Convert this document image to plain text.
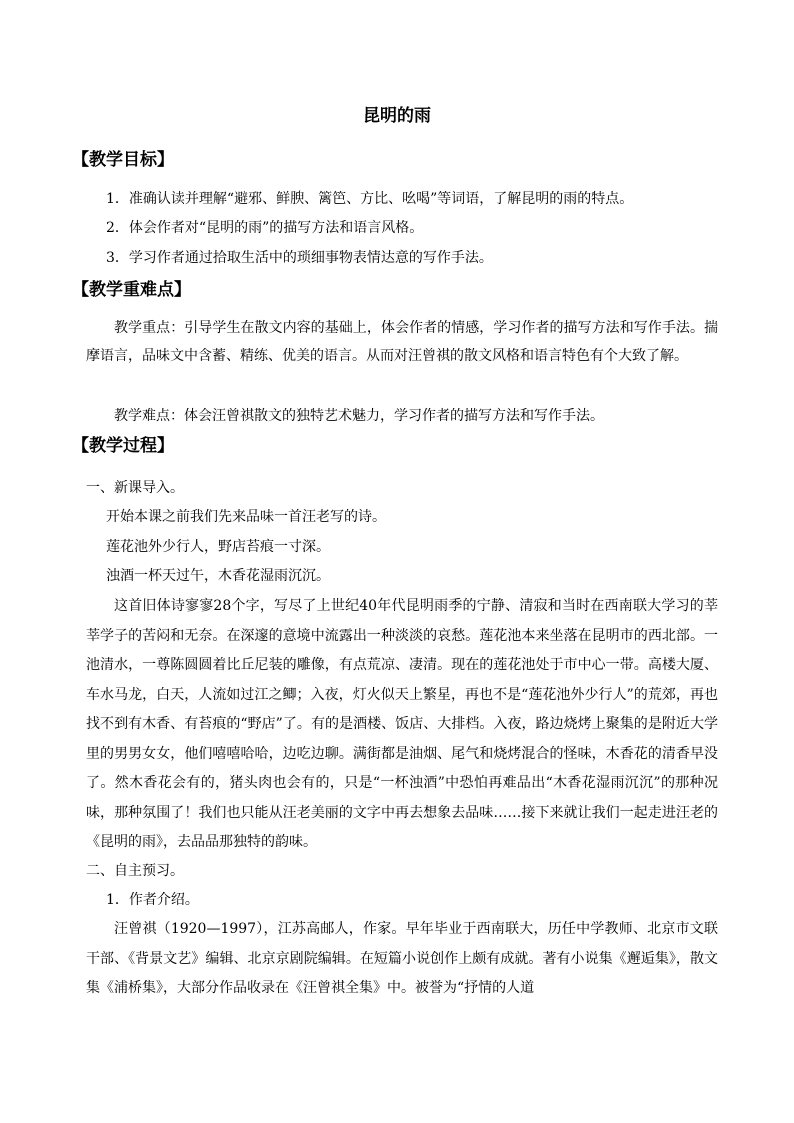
昆明的雨
【教学目标】
1．准确认读并理解“避邪、鲜腴、篱笆、方比、吆喝”等词语，了解昆明的雨的特点。
2．体会作者对“昆明的雨”的描写方法和语言风格。
3．学习作者通过拾取生活中的琐细事物表情达意的写作手法。
【教学重难点】
教学重点：引导学生在散文内容的基础上，体会作者的情感，学习作者的描写方法和写作手法。揣摩语言，品味文中含蓄、精练、优美的语言。从而对汪曾祺的散文风格和语言特色有个大致了解。
教学难点：体会汪曾祺散文的独特艺术魅力，学习作者的描写方法和写作手法。
【教学过程】
一、新课导入。
开始本课之前我们先来品味一首汪老写的诗。
莲花池外少行人，野店苔痕一寸深。
浊酒一杯天过午，木香花湿雨沉沉。
这首旧体诗寥寥28个字，写尽了上世纪40年代昆明雨季的宁静、清寂和当时在西南联大学习的莘莘学子的苦闷和无奈。在深邃的意境中流露出一种淡淡的哀愁。莲花池本来坐落在昆明市的西北部。一池清水，一尊陈圆圆着比丘尼装的雕像，有点荒凉、凄清。现在的莲花池处于市中心一带。高楼大厦、车水马龙，白天，人流如过江之鲫；入夜，灯火似天上繁星，再也不是“莲花池外少行人”的荒郊，再也找不到有木香、有苔痕的“野店”了。有的是酒楼、饭店、大排档。入夜，路边烧烤上聚集的是附近大学里的男男女女，他们嘻嘻哈哈，边吃边聊。满街都是油烟、尾气和烧烤混合的怪味，木香花的清香早没了。然木香花会有的，猪头肉也会有的，只是“一杯浊酒”中恐怕再难品出“木香花湿雨沉沉”的那种况味，那种氛围了！我们也只能从汪老美丽的文字中再去想象去品味……接下来就让我们一起走进汪老的《昆明的雨》，去品品那独特的韵味。
二、自主预习。
1．作者介绍。
汪曾祺（1920—1997），江苏高邮人，作家。早年毕业于西南联大，历任中学教师、北京市文联干部、《背景文艺》编辑、北京京剧院编辑。在短篇小说创作上颇有成就。著有小说集《邂逅集》，散文集《浦桥集》，大部分作品收录在《汪曾祺全集》中。被誉为“抒情的人道
